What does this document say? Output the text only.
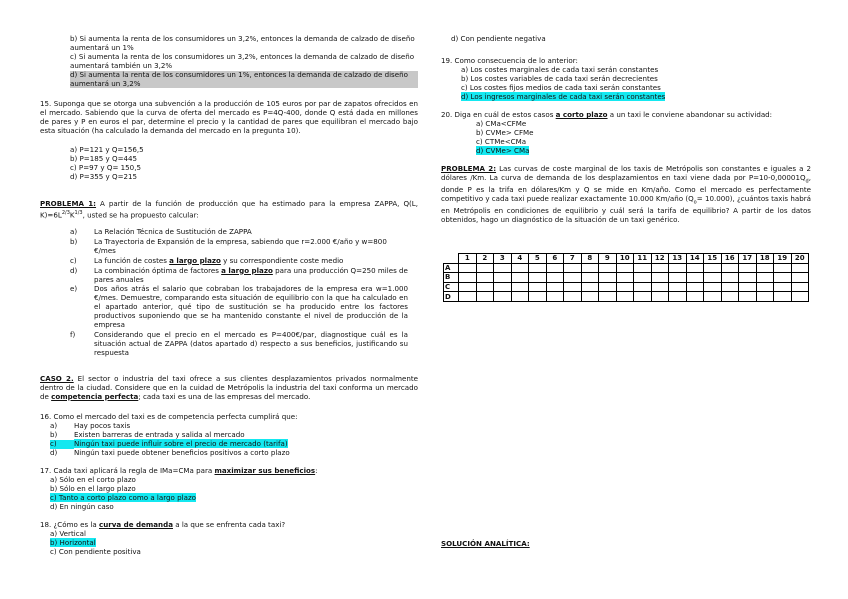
b) Si aumenta la renta de los consumidores un 3,2%, entonces la demanda de calzado de diseño aumentará un 1%

c) Si aumenta la renta de los consumidores un 3,2%, entonces la demanda de calzado de diseño aumentará también un 3,2%

d) Si aumenta la renta de los consumidores un 1%, entonces la demanda de calzado de diseño aumentará un 3,2%

15. Suponga que se otorga una subvención a la producción de 105 euros por par de zapatos ofrecidos en el mercado. Sabiendo que la curva de oferta del mercado es P=4Q-400, donde Q está dada en millones de pares y P en euros el par, determine el precio y la cantidad de pares que equilibran el mercado bajo esta situación (ha calculado la demanda del mercado en la pregunta 10).

a) P=121 y Q=156,5

b) P=185 y Q=445

c) P=97 y Q= 150,5

d) P=355 y Q=215

PROBLEMA 1: A partir de la función de producción que ha estimado para la empresa ZAPPA, Q(L, $K)=6L^{2/3}K^{1/3}$, usted se ha propuesto calcular:

a)	La Relación Técnica de Sustitución de ZAPPA
b)	La Trayectoria de Expansión de la empresa, sabiendo que r=2.000 €/año y w=800 €/mes
c)	La función de costes a largo plazo y su correspondiente coste medio
d)	La combinación óptima de factores a largo plazo para una producción Q=250 miles de pares anuales
e)	Dos años atrás el salario que cobraban los trabajadores de la empresa era w=1.000 €/mes. Demuestre, comparando esta situación de equilibrio con la que ha calculado en el apartado anterior, qué tipo de sustitución se ha producido entre los factores productivos suponiendo que se ha mantenido constante el nivel de producción de la empresa
f)	Considerando que el precio en el mercado es P=400€/par, diagnostique cuál es la situación actual de ZAPPA (datos apartado d) respecto a sus beneficios, justificando su respuesta

CASO 2. El sector o industria del taxi ofrece a sus clientes desplazamientos privados normalmente dentro de la ciudad. Considere que en la cuidad de Metrópolis la industria del taxi conforma un mercado de competencia perfecta; cada taxi es una de las empresas del mercado.

16. Como el mercado del taxi es de competencia perfecta cumplirá que:

a)	Hay pocos taxis
b)	Existen barreras de entrada y salida al mercado
c)	Ningún taxi puede influir sobre el precio de mercado (tarifa)
d)	Ningún taxi puede obtener beneficios positivos a corto plazo

17. Cada taxi aplicará la regla de IMa=CMa para maximizar sus beneficios:

a) Sólo en el corto plazo

b) Sólo en el largo plazo

c) Tanto a corto plazo como a largo plazo

d) En ningún caso

18. ¿Cómo es la curva de demanda a la que se enfrenta cada taxi?

a) Vertical

b) Horizontal

c) Con pendiente positiva

d) Con pendiente negativa

19. Como consecuencia de lo anterior:

a) Los costes marginales de cada taxi serán constantes

b) Los costes variables de cada taxi serán decrecientes

c) Los costes fijos medios de cada taxi serán constantes

d) Los ingresos marginales de cada taxi serán constantes

20. Diga en cuál de estos casos a corto plazo a un taxi le conviene abandonar su actividad:

a) CMa<CFMe

b) CVMe> CFMe

c) CTMe<CMa

d) CVMe> CMa

PROBLEMA 2: Las curvas de coste marginal de los taxis de Metrópolis son constantes e iguales a 2 dólares /Km. La curva de demanda de los desplazamientos en taxi viene dada por $P=10-0,00001Q_d$, donde P es la trifa en dólares/Km y Q se mide en Km/año. Como el mercado es perfectamente competitivo y cada taxi puede realizar exactamente 10.000 Km/año $(Q_o= 10.000)$, ¿cuántos taxis habrá en Metrópolis en condiciones de equilibrio y cuál será la tarifa de equilibrio? A partir de los datos obtenidos, hago un diagnóstico de la situación de un taxi genérico.

	1	2	3	4	5	6	7	8	9	10	11	12	13	14	15	16	17	18	19	20
A																				
B																				
C																				
D																				

SOLUCIÓN ANALÍTICA:
